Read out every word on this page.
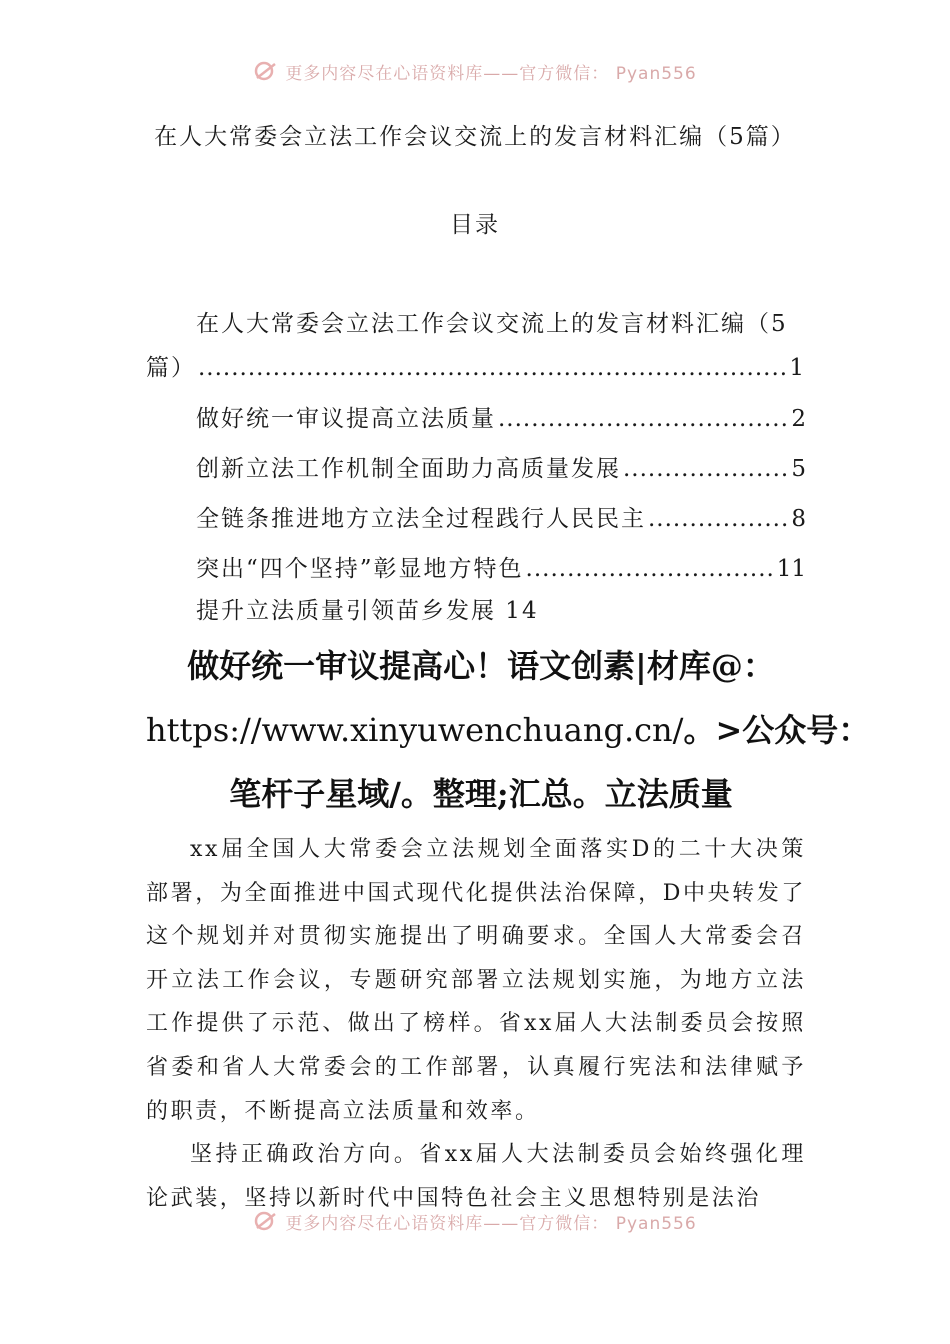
更多内容尽在心语资料库——官方微信： Pyan556
在人大常委会立法工作会议交流上的发言材料汇编（5篇）
目录
在人大常委会立法工作会议交流上的发言材料汇编（5
篇） .....	1
做好统一审议提高立法质量 .....	2
创新立法工作机制全面助力高质量发展 .....	5
全链条推进地方立法全过程践行人民民主 .....	8
突出“四个坚持”彰显地方特色 .....	11
提升立法质量引领苗乡发展 14
做好统一审议提高心！语文创素|材库@：
https://www.xinyuwenchuang.cn/。>公众号：
笔杆子星域/。整理;汇总。立法质量

xx届全国人大常委会立法规划全面落实D的二十大决策部署，为全面推进中国式现代化提供法治保障，D中央转发了这个规划并对贯彻实施提出了明确要求。全国人大常委会召开立法工作会议，专题研究部署立法规划实施，为地方立法工作提供了示范、做出了榜样。省xx届人大法制委员会按照省委和省人大常委会的工作部署，认真履行宪法和法律赋予的职责，不断提高立法质量和效率。

坚持正确政治方向。省xx届人大法制委员会始终强化理论武装，坚持以新时代中国特色社会主义思想特别是法治

更多内容尽在心语资料库——官方微信： Pyan556
